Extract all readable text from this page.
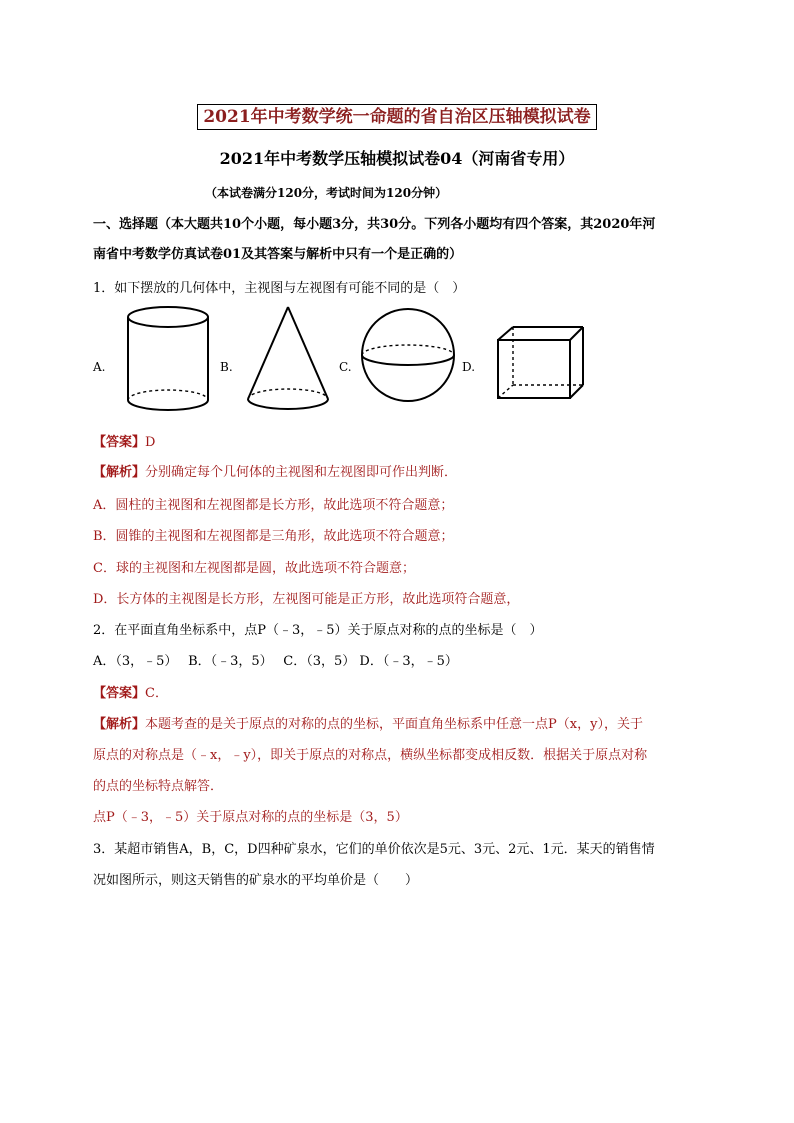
2021年中考数学统一命题的省自治区压轴模拟试卷
2021年中考数学压轴模拟试卷04（河南省专用）
（本试卷满分120分，考试时间为120分钟）
一、选择题（本大题共10个小题，每小题3分，共30分。下列各小题均有四个答案，其2020年河
南省中考数学仿真试卷01及其答案与解析中只有一个是正确的）
1．如下摆放的几何体中，主视图与左视图有可能不同的是（　）
A.	B.	C.	D.
【答案】D
【解析】分别确定每个几何体的主视图和左视图即可作出判断．
A．圆柱的主视图和左视图都是长方形，故此选项不符合题意；
B．圆锥的主视图和左视图都是三角形，故此选项不符合题意；
C．球的主视图和左视图都是圆，故此选项不符合题意；
D．长方体的主视图是长方形，左视图可能是正方形，故此选项符合题意，
2．在平面直角坐标系中，点P（﹣3，﹣5）关于原点对称的点的坐标是（　）
A．（3，﹣5）　 B．（﹣3，5）　 C．（3，5） D．（﹣3，﹣5）
【答案】C．
【解析】本题考查的是关于原点的对称的点的坐标，平面直角坐标系中任意一点P（x，y），关于
原点的对称点是（﹣x，﹣y），即关于原点的对称点，横纵坐标都变成相反数．根据关于原点对称
的点的坐标特点解答．
点P（﹣3，﹣5）关于原点对称的点的坐标是（3，5）
3．某超市销售A，B，C，D四种矿泉水，它们的单价依次是5元、3元、2元、1元．某天的销售情
况如图所示，则这天销售的矿泉水的平均单价是（　　）
